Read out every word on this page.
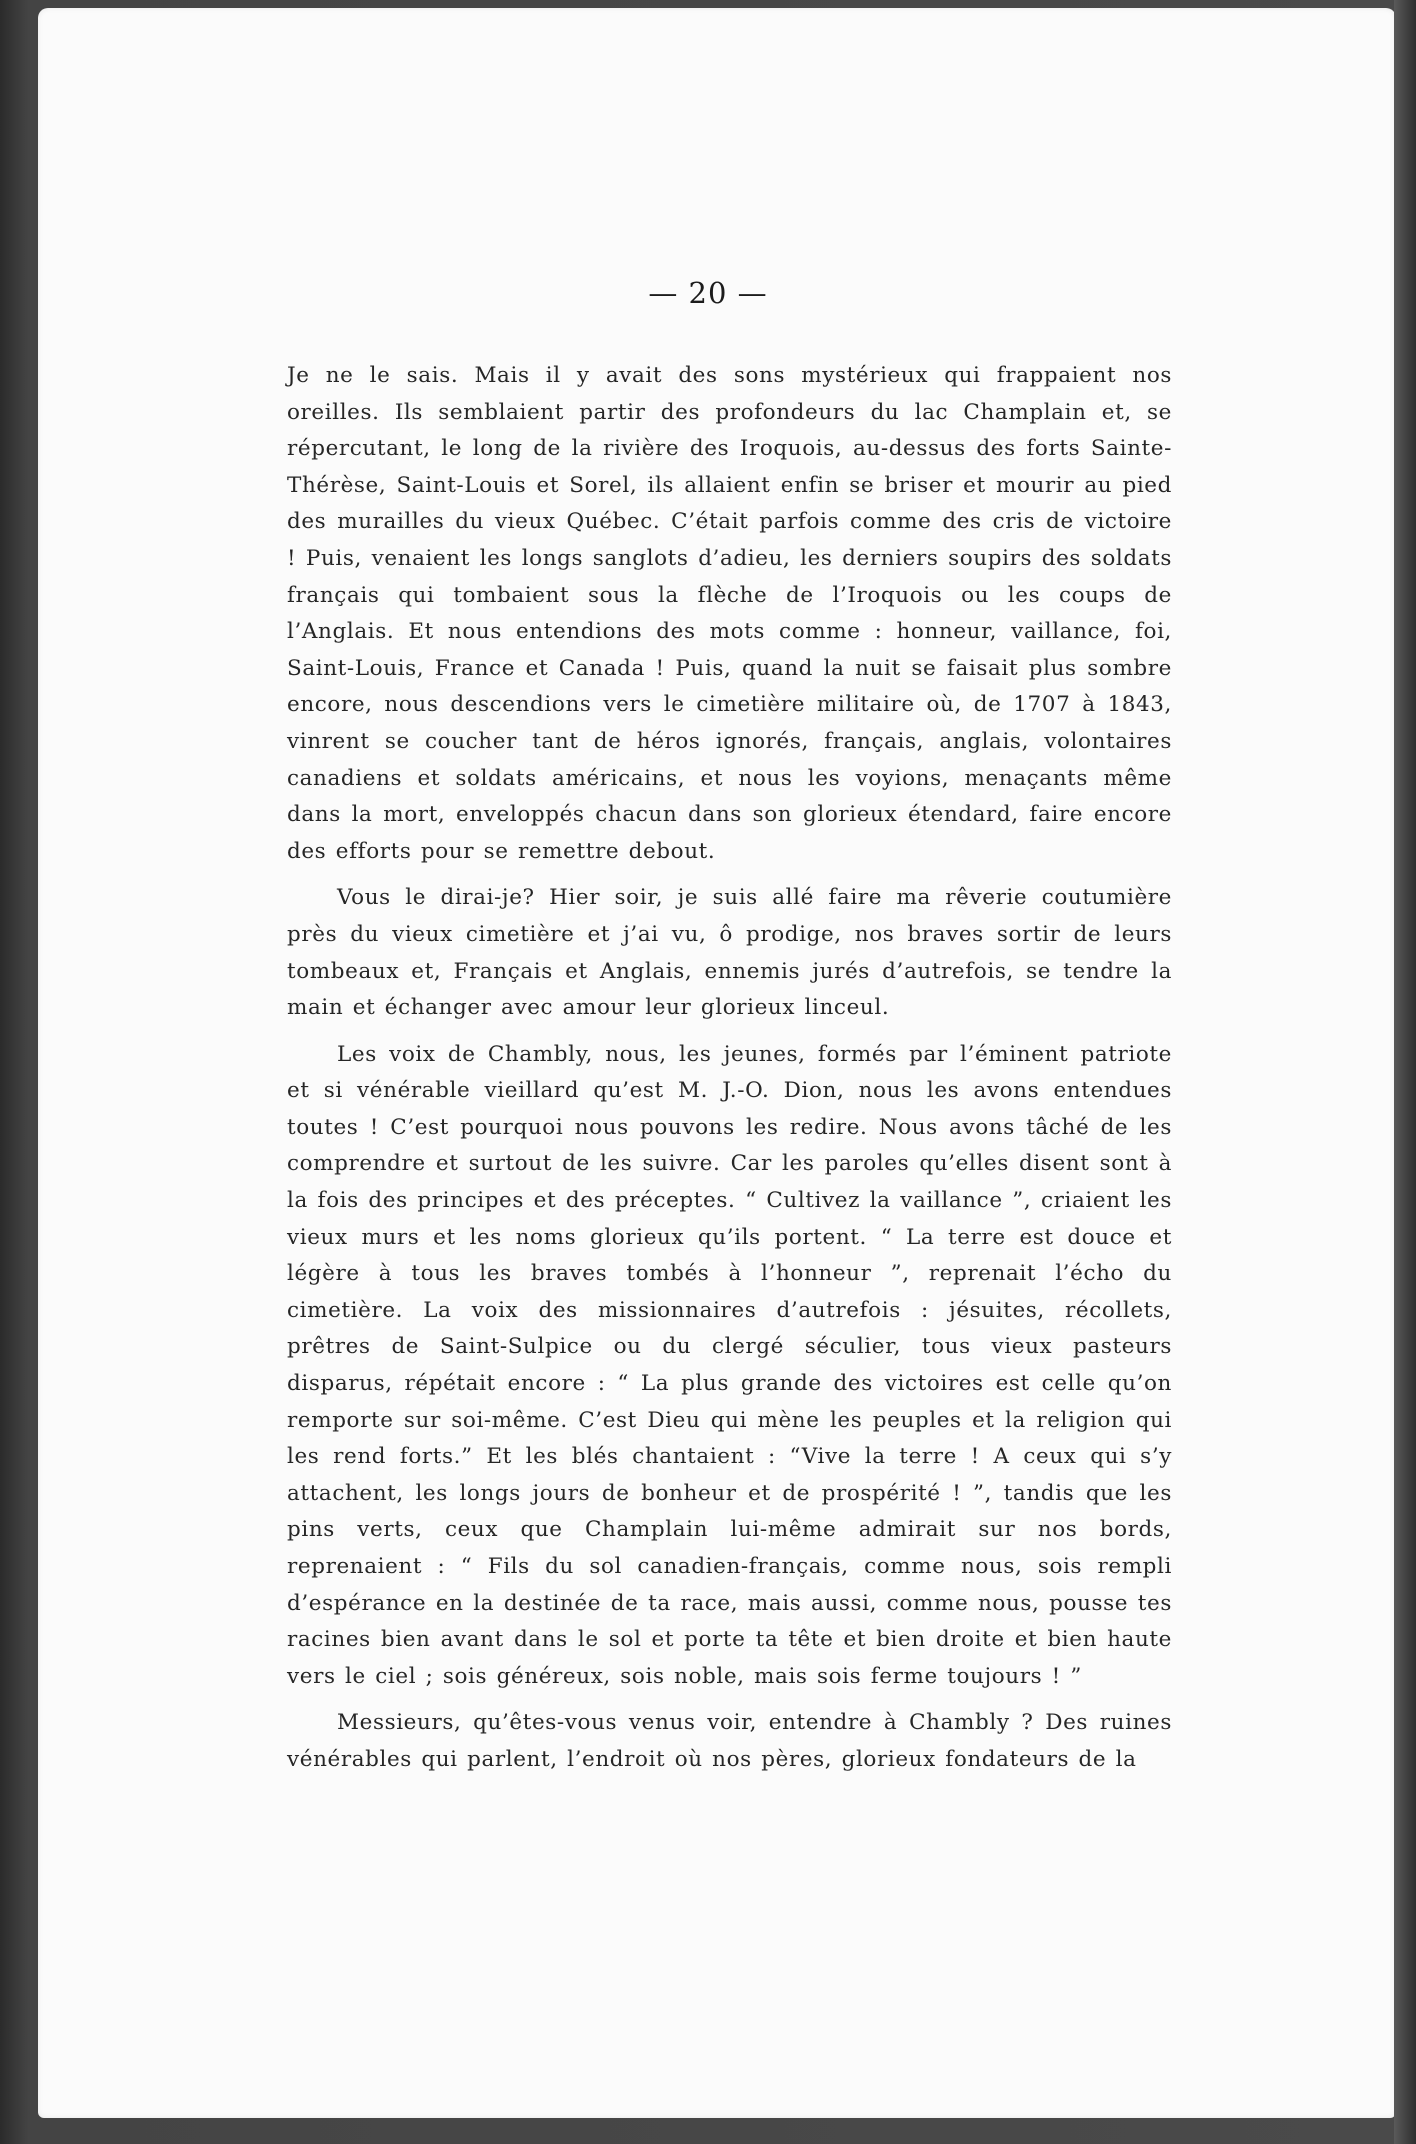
— 20 —

Je ne le sais. Mais il y avait des sons mystérieux qui frappaient nos oreilles. Ils semblaient partir des profondeurs du lac Champlain et, se répercutant, le long de la rivière des Iroquois, au-dessus des forts Sainte-Thérèse, Saint-Louis et Sorel, ils allaient enfin se briser et mourir au pied des murailles du vieux Québec. C’était parfois comme des cris de victoire ! Puis, venaient les longs sanglots d’adieu, les derniers soupirs des soldats français qui tombaient sous la flèche de l’Iroquois ou les coups de l’Anglais. Et nous entendions des mots comme : honneur, vaillance, foi, Saint-Louis, France et Canada ! Puis, quand la nuit se faisait plus sombre encore, nous descendions vers le cimetière militaire où, de 1707 à 1843, vinrent se coucher tant de héros ignorés, français, anglais, volontaires canadiens et soldats américains, et nous les voyions, menaçants même dans la mort, enveloppés chacun dans son glorieux étendard, faire encore des efforts pour se remettre debout.

Vous le dirai-je? Hier soir, je suis allé faire ma rêverie coutumière près du vieux cimetière et j’ai vu, ô prodige, nos braves sortir de leurs tombeaux et, Français et Anglais, ennemis jurés d’autrefois, se tendre la main et échanger avec amour leur glorieux linceul.

Les voix de Chambly, nous, les jeunes, formés par l’éminent patriote et si vénérable vieillard qu’est M. J.-O. Dion, nous les avons entendues toutes ! C’est pourquoi nous pouvons les redire. Nous avons tâché de les comprendre et surtout de les suivre. Car les paroles qu’elles disent sont à la fois des principes et des préceptes. “ Cultivez la vaillance ”, criaient les vieux murs et les noms glorieux qu’ils portent. “ La terre est douce et légère à tous les braves tombés à l’honneur ”, reprenait l’écho du cimetière. La voix des missionnaires d’autrefois : jésuites, récollets, prêtres de Saint-Sulpice ou du clergé séculier, tous vieux pasteurs disparus, répétait encore : “ La plus grande des victoires est celle qu’on remporte sur soi-même. C’est Dieu qui mène les peuples et la religion qui les rend forts.” Et les blés chantaient : “Vive la terre ! A ceux qui s’y attachent, les longs jours de bonheur et de prospérité ! ”, tandis que les pins verts, ceux que Champlain lui-même admirait sur nos bords, reprenaient : “ Fils du sol canadien-français, comme nous, sois rempli d’espérance en la destinée de ta race, mais aussi, comme nous, pousse tes racines bien avant dans le sol et porte ta tête et bien droite et bien haute vers le ciel ; sois généreux, sois noble, mais sois ferme toujours ! ”

Messieurs, qu’êtes-vous venus voir, entendre à Chambly ? Des ruines vénérables qui parlent, l’endroit où nos pères, glorieux fondateurs de la
